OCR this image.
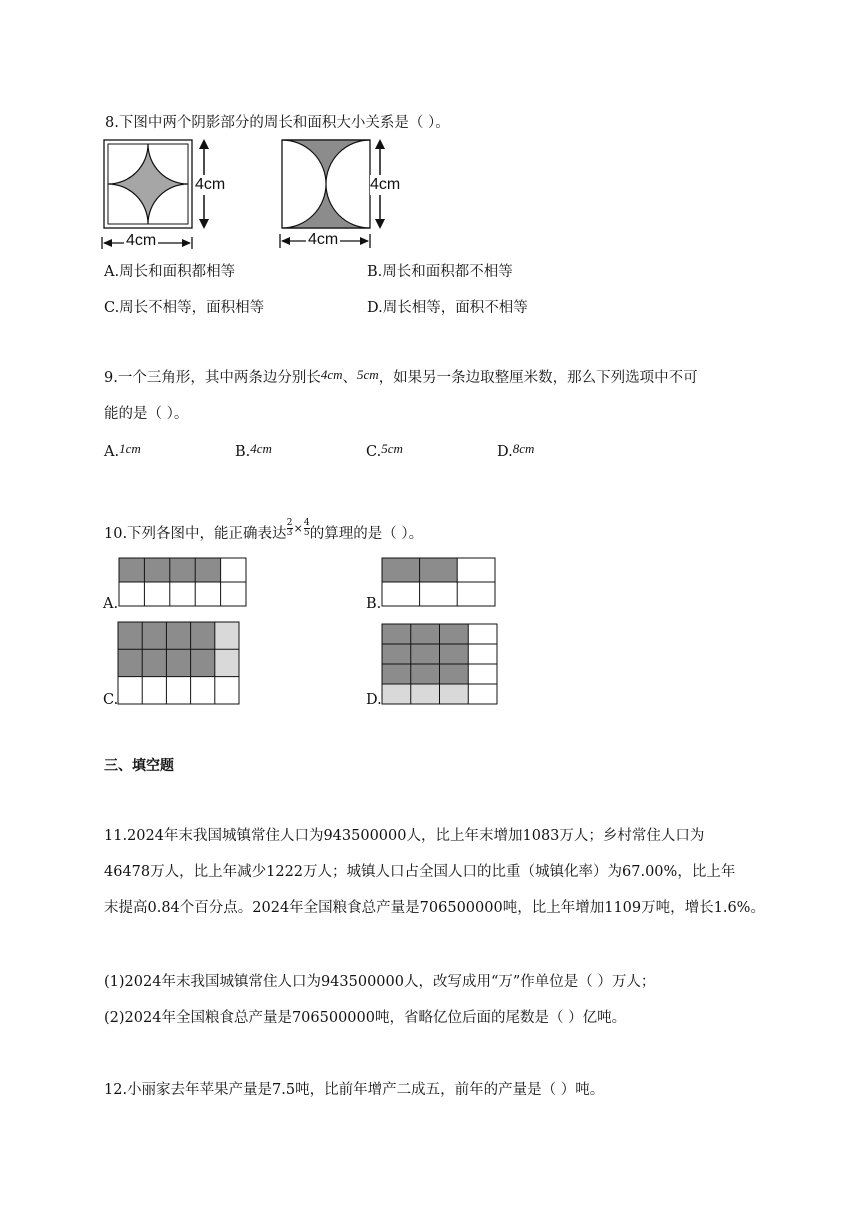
8.下图中两个阴影部分的周长和面积大小关系是（ ）。
4cm
4cm
4cm
4cm
A.周长和面积都相等	B.周长和面积都不相等
C.周长不相等，面积相等	D.周长相等，面积不相等
9.一个三角形，其中两条边分别长4cm、5cm，如果另一条边取整厘米数，那么下列选项中不可
能的是（ ）。
A.1cm	B.4cm	C.5cm	D.8cm
10.下列各图中，能正确表达 $\frac{2}{3} ^\times \frac{4}{5}$ 的算理的是（ ）。
A.	B.
C.	D.
三、填空题
11.2024年末我国城镇常住人口为943500000人，比上年末增加1083万人；乡村常住人口为
46478万人，比上年减少1222万人；城镇人口占全国人口的比重（城镇化率）为67.00%，比上年
末提高0.84个百分点。2024年全国粮食总产量是706500000吨，比上年增加1109万吨，增长1.6%。
(1)2024年末我国城镇常住人口为943500000人，改写成用“万”作单位是（ ）万人；
(2)2024年全国粮食总产量是706500000吨，省略亿位后面的尾数是（ ）亿吨。
12.小丽家去年苹果产量是7.5吨，比前年增产二成五，前年的产量是（ ）吨。
